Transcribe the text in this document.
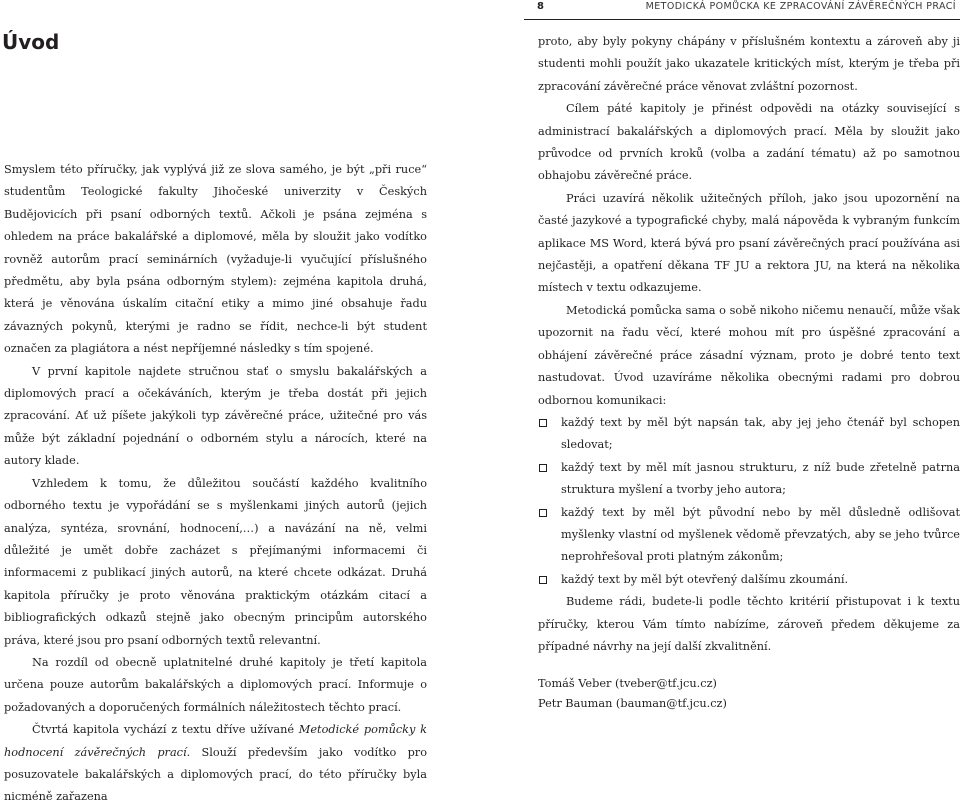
8	METODICKÁ POMŮCKA KE ZPRACOVÁNÍ ZÁVĚREČNÝCH PRACÍ
Úvod

Smyslem této příručky, jak vyplývá již ze slova samého, je být „při ruce“ studentům Teologické fakulty Jihočeské univerzity v Českých Budějovicích při psaní odborných textů. Ačkoli je psána zejména s ohledem na práce bakalářské a diplomové, měla by sloužit jako vodítko rovněž autorům prací seminárních (vyžaduje-li vyučující příslušného předmětu, aby byla psána odborným stylem): zejména kapitola druhá, která je věnována úskalím citační etiky a mimo jiné obsahuje řadu závazných pokynů, kterými je radno se řídit, nechce-li být student označen za plagiátora a nést nepříjemné následky s tím spojené.

V první kapitole najdete stručnou stať o smyslu bakalářských a diplomových prací a očekáváních, kterým je třeba dostát při jejich zpracování. Ať už píšete jakýkoli typ závěrečné práce, užitečné pro vás může být základní pojednání o odborném stylu a nárocích, které na autory klade.

Vzhledem k tomu, že důležitou součástí každého kvalitního odborného textu je vypořádání se s myšlenkami jiných autorů (jejich analýza, syntéza, srovnání, hodnocení,…) a navázání na ně, velmi důležité je umět dobře zacházet s přejímanými informacemi či informacemi z publikací jiných autorů, na které chcete odkázat. Druhá kapitola příručky je proto věnována praktickým otázkám citací a bibliografických odkazů stejně jako obecným principům autorského práva, které jsou pro psaní odborných textů relevantní.

Na rozdíl od obecně uplatnitelné druhé kapitoly je třetí kapitola určena pouze autorům bakalářských a diplomových prací. Informuje o požadovaných a doporučených formálních náležitostech těchto prací.

Čtvrtá kapitola vychází z textu dříve užívané Metodické pomůcky k hodnocení závěrečných prací. Slouží především jako vodítko pro posuzovatele bakalářských a diplomových prací, do této příručky byla nicméně zařazena

proto, aby byly pokyny chápány v příslušném kontextu a zároveň aby ji studenti mohli použít jako ukazatele kritických míst, kterým je třeba při zpracování závěrečné práce věnovat zvláštní pozornost.

Cílem páté kapitoly je přinést odpovědi na otázky související s administrací bakalářských a diplomových prací. Měla by sloužit jako průvodce od prvních kroků (volba a zadání tématu) až po samotnou obhajobu závěrečné práce.

Práci uzavírá několik užitečných příloh, jako jsou upozornění na časté jazykové a typografické chyby, malá nápověda k vybraným funkcím aplikace MS Word, která bývá pro psaní závěrečných prací používána asi nejčastěji, a opatření děkana TF JU a rektora JU, na která na několika místech v textu odkazujeme.

Metodická pomůcka sama o sobě nikoho ničemu nenaučí, může však upozornit na řadu věcí, které mohou mít pro úspěšné zpracování a obhájení závěrečné práce zásadní význam, proto je dobré tento text nastudovat. Úvod uzavíráme několika obecnými radami pro dobrou odbornou komunikaci:

každý text by měl být napsán tak, aby jej jeho čtenář byl schopen sledovat;
každý text by měl mít jasnou strukturu, z níž bude zřetelně patrna struktura myšlení a tvorby jeho autora;
každý text by měl být původní nebo by měl důsledně odlišovat myšlenky vlastní od myšlenek vědomě převzatých, aby se jeho tvůrce neprohřešoval proti platným zákonům;
každý text by měl být otevřený dalšímu zkoumání.

Budeme rádi, budete-li podle těchto kritérií přistupovat i k textu příručky, kterou Vám tímto nabízíme, zároveň předem děkujeme za případné návrhy na její další zkvalitnění.

Tomáš Veber (tveber@tf.jcu.cz)
Petr Bauman (bauman@tf.jcu.cz)
